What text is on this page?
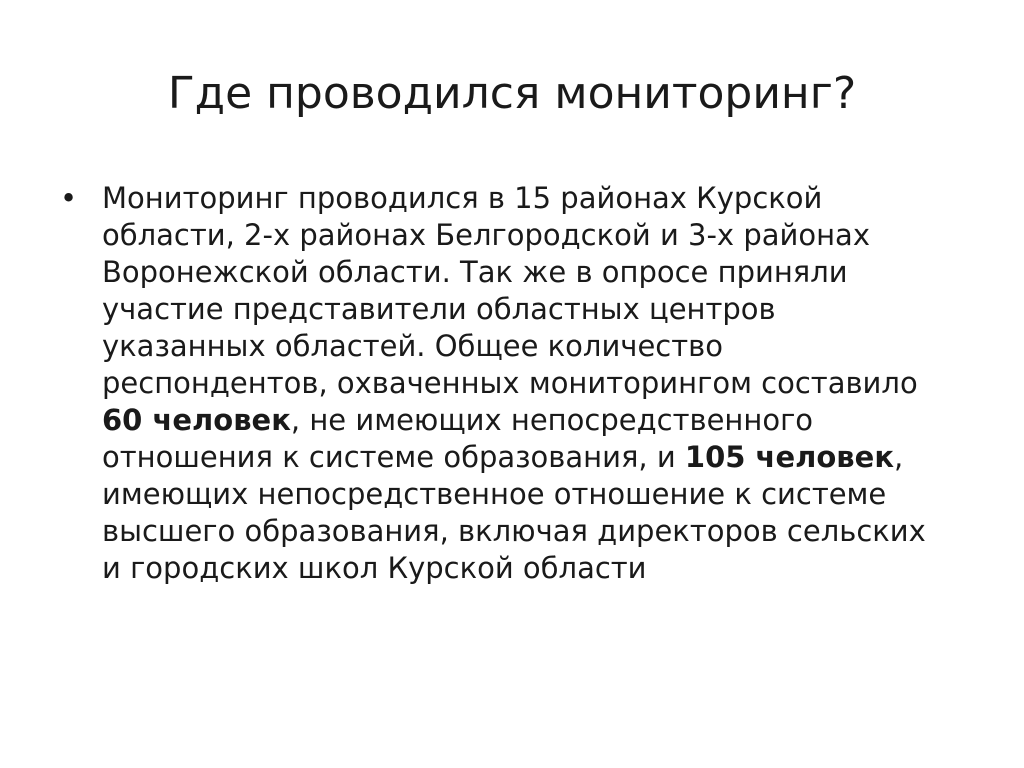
Где проводился мониторинг?
• Мониторинг проводился в 15 районах Курской области, 2-х районах Белгородской и 3-х районах Воронежской области. Так же в опросе приняли участие представители областных центров указанных областей. Общее количество респондентов, охваченных мониторингом составило 60 человек, не имеющих непосредственного отношения к системе образования, и 105 человек, имеющих непосредственное отношение к системе высшего образования, включая директоров сельских и городских школ Курской области
